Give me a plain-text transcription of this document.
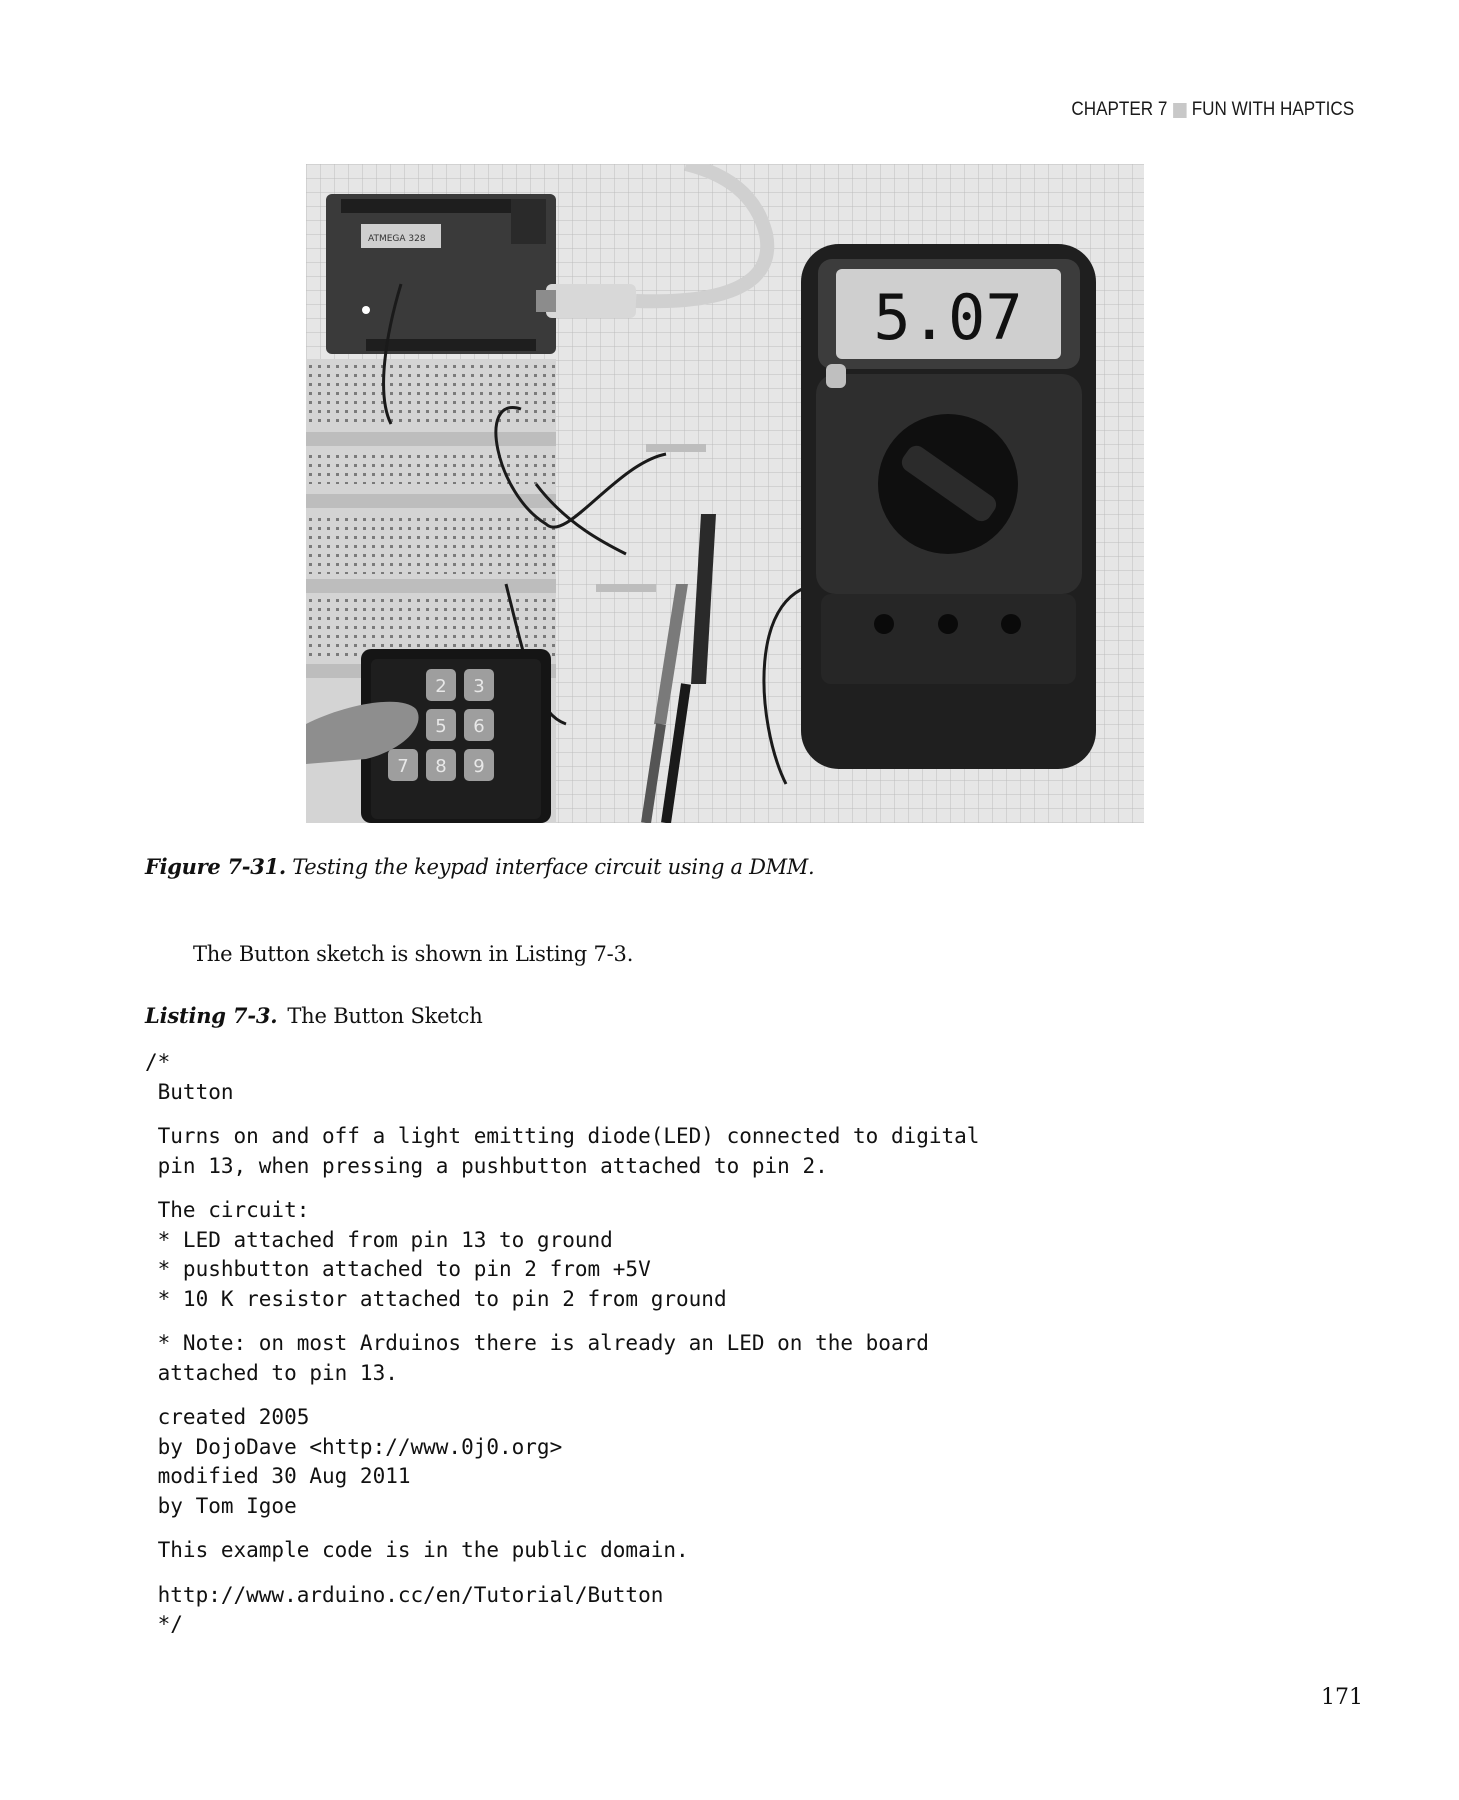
CHAPTER 7 FUN WITH HAPTICS
ATMEGA 328
5.07
2 3
5 6
7 8 9
Figure 7-31. Testing the keypad interface circuit using a DMM.
The Button sketch is shown in Listing 7-3.
Listing 7-3. The Button Sketch
/*
Button
Turns on and off a light emitting diode(LED) connected to digital
pin 13, when pressing a pushbutton attached to pin 2.
The circuit:
* LED attached from pin 13 to ground
* pushbutton attached to pin 2 from +5V
* 10 K resistor attached to pin 2 from ground
* Note: on most Arduinos there is already an LED on the board
attached to pin 13.
created 2005
by DojoDave <http://www.0j0.org>
modified 30 Aug 2011
by Tom Igoe
This example code is in the public domain.
http://www.arduino.cc/en/Tutorial/Button
*/
171
